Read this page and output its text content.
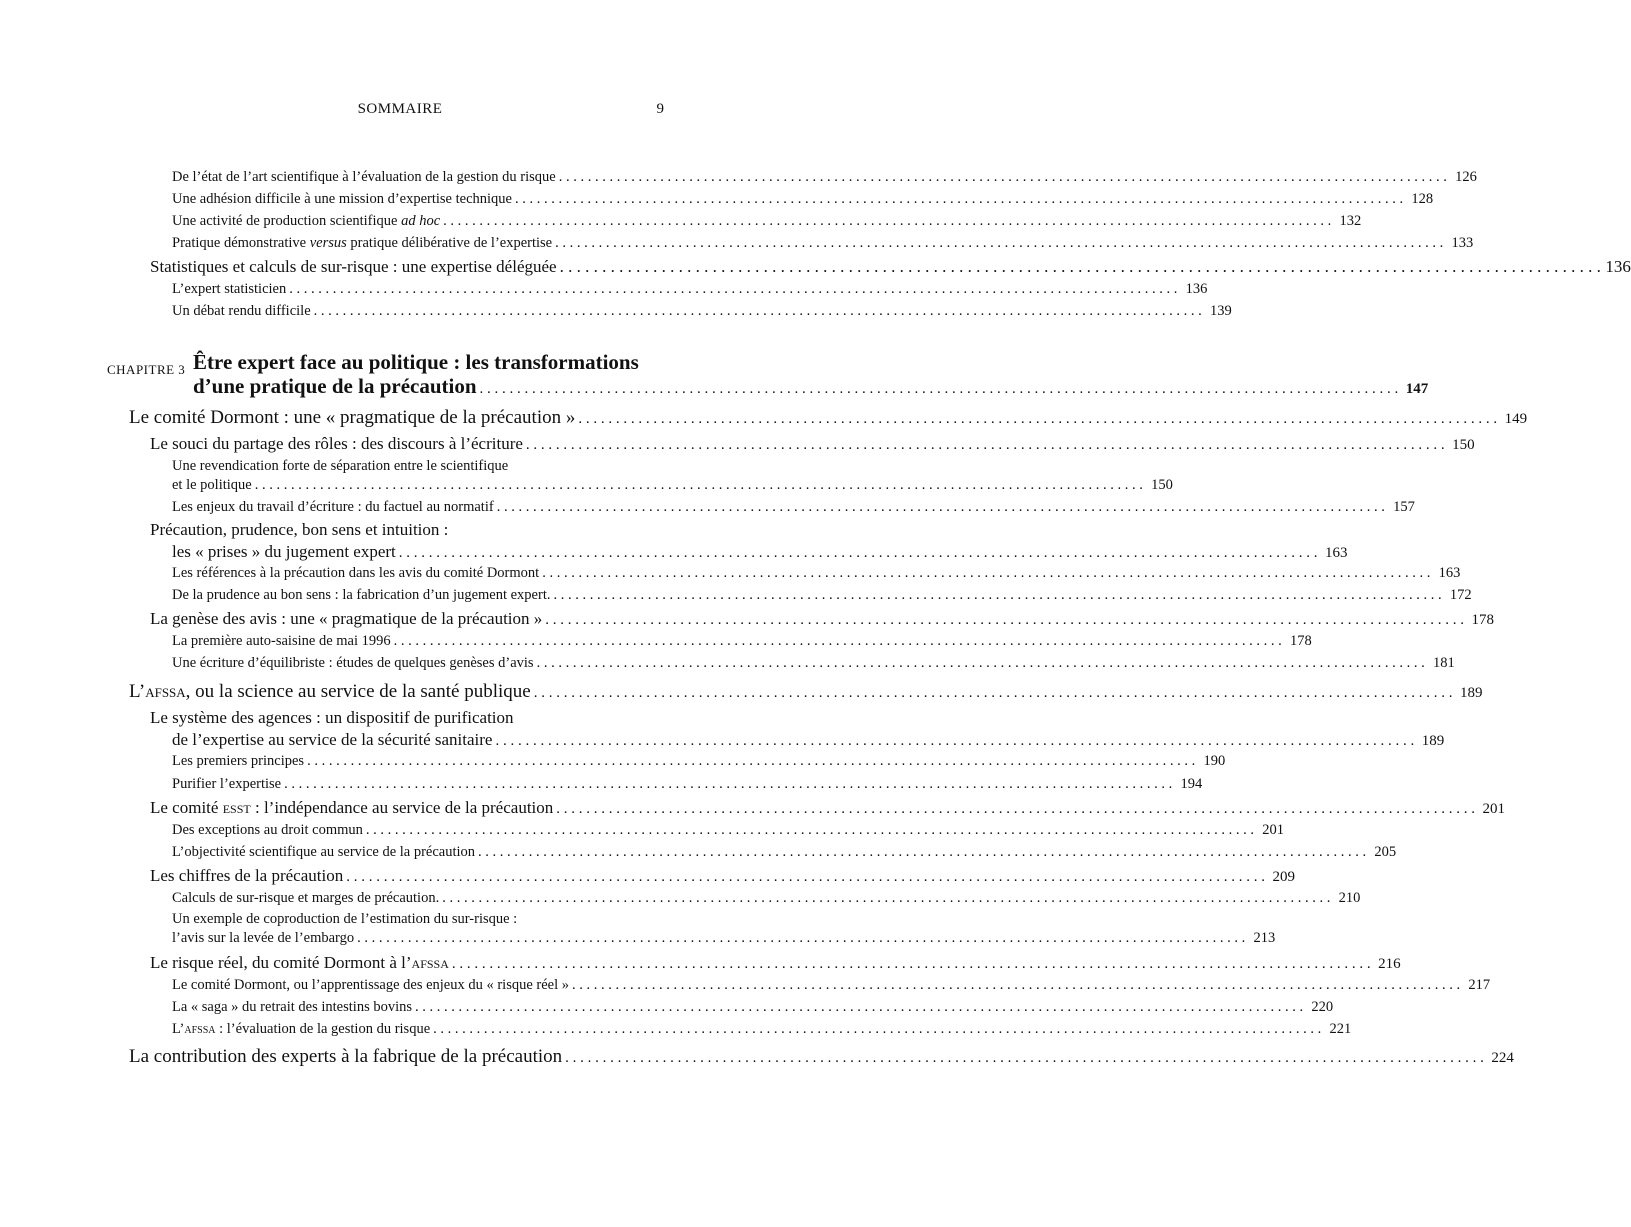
SOMMAIRE	9
De l’état de l’art scientifique à l’évaluation de la gestion du risque . . .	126
Une adhésion difficile à une mission d’expertise technique . . .	128
Une activité de production scientifique ad hoc . . .	132
Pratique démonstrative versus pratique délibérative de l’expertise . . .	133
Statistiques et calculs de sur-risque : une expertise déléguée . . .	136
L’expert statisticien . . .	136
Un débat rendu difficile . . .	139
CHAPITRE 3 Être expert face au politique : les transformations
d’une pratique de la précaution . . .	147
Le comité Dormont : une « pragmatique de la précaution » . . .	149
Le souci du partage des rôles : des discours à l’écriture . . .	150
Une revendication forte de séparation entre le scientifique
et le politique . . .	150
Les enjeux du travail d’écriture : du factuel au normatif . . .	157
Précaution, prudence, bon sens et intuition :
les « prises » du jugement expert . . .	163
Les références à la précaution dans les avis du comité Dormont . . .	163
De la prudence au bon sens : la fabrication d’un jugement expert. . . .	172
La genèse des avis : une « pragmatique de la précaution » . . .	178
La première auto-saisine de mai 1996 . . .	178
Une écriture d’équilibriste : études de quelques genèses d’avis . . .	181
L’afssa, ou la science au service de la santé publique . . .	189
Le système des agences : un dispositif de purification
de l’expertise au service de la sécurité sanitaire . . .	189
Les premiers principes . . .	190
Purifier l’expertise . . .	194
Le comité esst : l’indépendance au service de la précaution . . .	201
Des exceptions au droit commun . . .	201
L’objectivité scientifique au service de la précaution . . .	205
Les chiffres de la précaution . . .	209
Calculs de sur-risque et marges de précaution. . . .	210
Un exemple de coproduction de l’estimation du sur-risque :
l’avis sur la levée de l’embargo . . .	213
Le risque réel, du comité Dormont à l’afssa . . .	216
Le comité Dormont, ou l’apprentissage des enjeux du « risque réel » . . .	217
La « saga » du retrait des intestins bovins . . .	220
L’afssa : l’évaluation de la gestion du risque . . .	221
La contribution des experts à la fabrique de la précaution . . .	224
